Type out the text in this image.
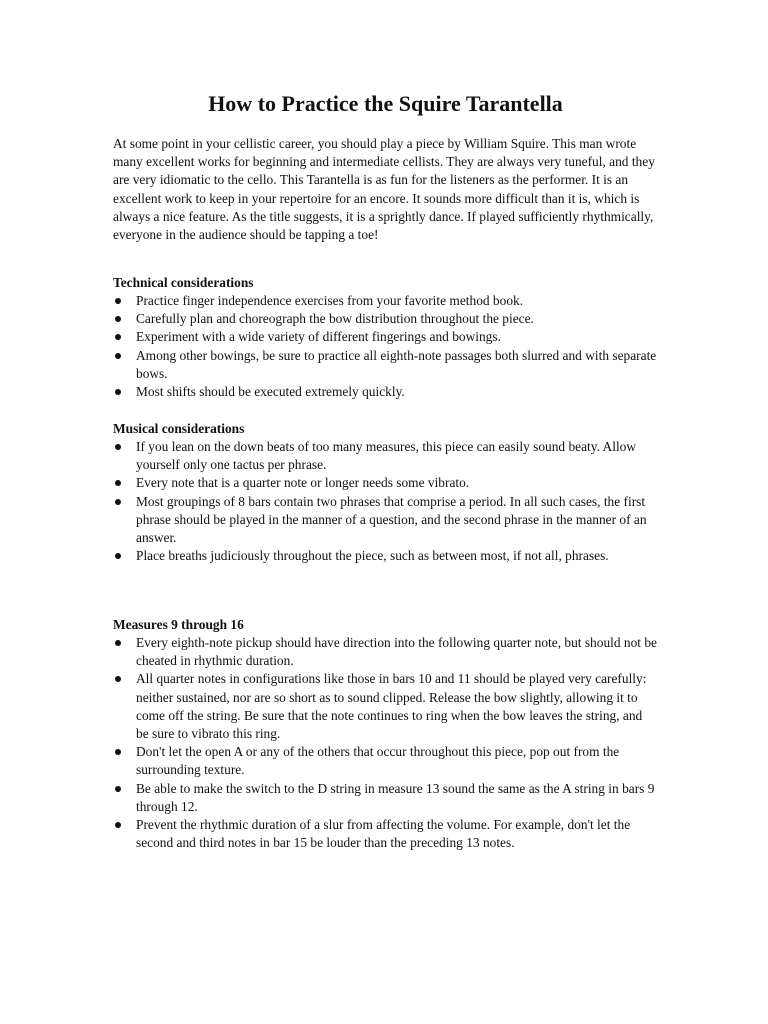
How to Practice the Squire Tarantella

At some point in your cellistic career, you should play a piece by William Squire. This man wrote many excellent works for beginning and intermediate cellists. They are always very tuneful, and they are very idiomatic to the cello. This Tarantella is as fun for the listeners as the performer. It is an excellent work to keep in your repertoire for an encore. It sounds more difficult than it is, which is always a nice feature. As the title suggests, it is a sprightly dance. If played sufficiently rhythmically, everyone in the audience should be tapping a toe!

Technical considerations

Practice finger independence exercises from your favorite method book.
Carefully plan and choreograph the bow distribution throughout the piece.
Experiment with a wide variety of different fingerings and bowings.
Among other bowings, be sure to practice all eighth-note passages both slurred and with separate bows.
Most shifts should be executed extremely quickly.

Musical considerations

If you lean on the down beats of too many measures, this piece can easily sound beaty. Allow yourself only one tactus per phrase.
Every note that is a quarter note or longer needs some vibrato.
Most groupings of 8 bars contain two phrases that comprise a period. In all such cases, the first phrase should be played in the manner of a question, and the second phrase in the manner of an answer.
Place breaths judiciously throughout the piece, such as between most, if not all, phrases.

Measures 9 through 16

Every eighth-note pickup should have direction into the following quarter note, but should not be cheated in rhythmic duration.
All quarter notes in configurations like those in bars 10 and 11 should be played very carefully: neither sustained, nor are so short as to sound clipped. Release the bow slightly, allowing it to come off the string. Be sure that the note continues to ring when the bow leaves the string, and be sure to vibrato this ring.
Don't let the open A or any of the others that occur throughout this piece, pop out from the surrounding texture.
Be able to make the switch to the D string in measure 13 sound the same as the A string in bars 9 through 12.
Prevent the rhythmic duration of a slur from affecting the volume. For example, don't let the second and third notes in bar 15 be louder than the preceding 13 notes.
